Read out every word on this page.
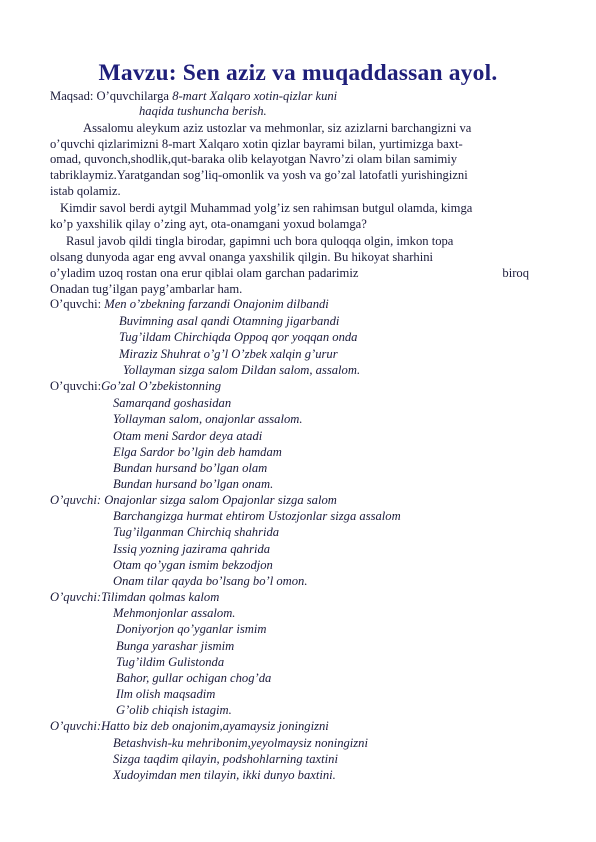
Mavzu: Sen aziz va muqaddassan ayol.
Maqsad: O’quvchilarga 8-mart Xalqaro xotin-qizlar kuni
haqida tushuncha berish.
Assalomu aleykum aziz ustozlar va mehmonlar, siz azizlarni barchangizni va
o’quvchi qizlarimizni 8-mart Xalqaro xotin qizlar bayrami bilan, yurtimizga baxt-
omad, quvonch,shodlik,qut-baraka olib kelayotgan Navro’zi olam bilan samimiy
tabriklaymiz.Yaratgandan sog’liq-omonlik va yosh va go’zal latofatli yurishingizni
istab qolamiz.
Kimdir savol berdi aytgil Muhammad yolg’iz sen rahimsan butgul olamda, kimga
ko’p yaxshilik qilay o’zing ayt, ota-onamgani yoxud bolamga?
Rasul javob qildi tingla birodar, gapimni uch bora quloqqa olgin, imkon topa
olsang dunyoda agar eng avval onanga yaxshilik qilgin. Bu hikoyat sharhini
o’yladim uzoq rostan ona erur qiblai olam garchan padarimiz	biroq
Onadan tug’ilgan payg’ambarlar ham.
O’quvchi: Men o’zbekning farzandi Onajonim dilbandi
Buvimning asal qandi Otamning jigarbandi
Tug’ildam Chirchiqda Oppoq qor yoqqan onda
Miraziz Shuhrat o’g’l O’zbek xalqin g’urur
Yollayman sizga salom Dildan salom, assalom.
O’quvchi:Go’zal O’zbekistonning
Samarqand goshasidan
Yollayman salom, onajonlar assalom.
Otam meni Sardor deya atadi
Elga Sardor bo’lgin deb hamdam
Bundan hursand bo’lgan olam
Bundan hursand bo’lgan onam.
O’quvchi: Onajonlar sizga salom Opajonlar sizga salom
Barchangizga hurmat ehtirom Ustozjonlar sizga assalom
Tug’ilganman Chirchiq shahrida
Issiq yozning jazirama qahrida
Otam qo’ygan ismim bekzodjon
Onam tilar qayda bo’lsang bo’l omon.
O’quvchi:Tilimdan qolmas kalom
Mehmonjonlar assalom.
Doniyorjon qo’yganlar ismim
Bunga yarashar jismim
Tug’ildim Gulistonda
Bahor, gullar ochigan chog’da
Ilm olish maqsadim
G’olib chiqish istagim.
O’quvchi:Hatto biz deb onajonim,ayamaysiz joningizni
Betashvish-ku mehribonim,yeyolmaysiz noningizni
Sizga taqdim qilayin, podshohlarning taxtini
Xudoyimdan men tilayin, ikki dunyo baxtini.
